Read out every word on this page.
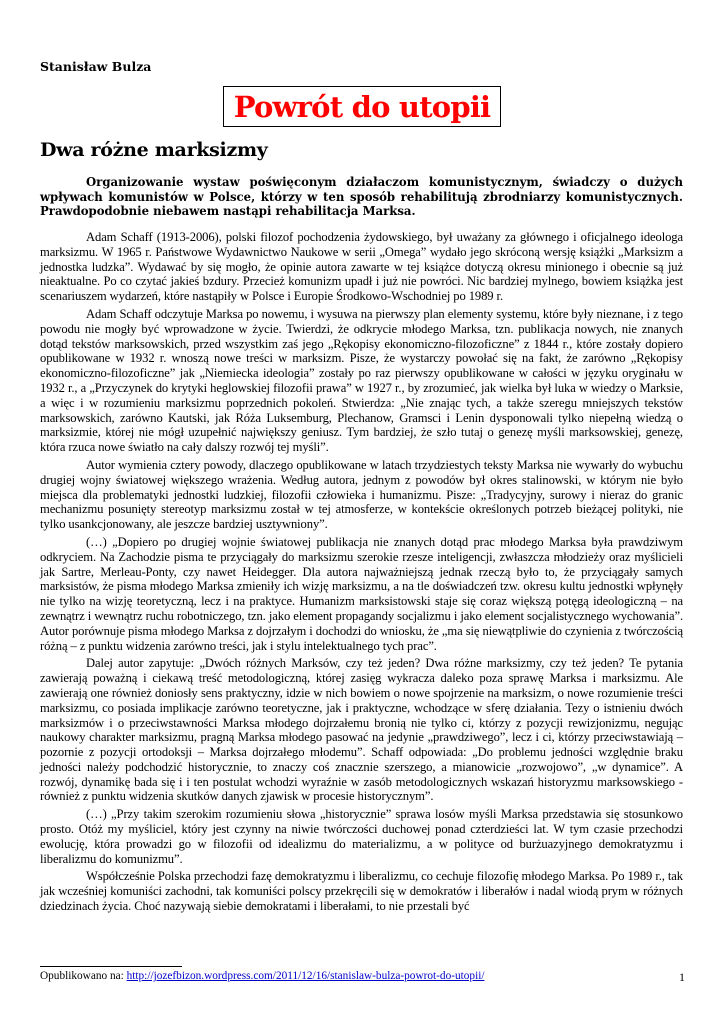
Stanisław Bulza
Powrót do utopii
Dwa różne marksizmy

Organizowanie wystaw poświęconym działaczom komunistycznym, świadczy o dużych wpływach komunistów w Polsce, którzy w ten sposób rehabilitują zbrodniarzy komunistycznych. Prawdopodobnie niebawem nastąpi rehabilitacja Marksa.

Adam Schaff (1913-2006), polski filozof pochodzenia żydowskiego, był uważany za głównego i oficjalnego ideologa marksizmu. W 1965 r. Państwowe Wydawnictwo Naukowe w serii „Omega” wydało jego skróconą wersję książki „Marksizm a jednostka ludzka”. Wydawać by się mogło, że opinie autora zawarte w tej książce dotyczą okresu minionego i obecnie są już nieaktualne. Po co czytać jakieś bzdury. Przecież komunizm upadł i już nie powróci. Nic bardziej mylnego, bowiem książka jest scenariuszem wydarzeń, które nastąpiły w Polsce i Europie Środkowo-Wschodniej po 1989 r.

Adam Schaff odczytuje Marksa po nowemu, i wysuwa na pierwszy plan elementy systemu, które były nieznane, i z tego powodu nie mogły być wprowadzone w życie. Twierdzi, że odkrycie młodego Marksa, tzn. publikacja nowych, nie znanych dotąd tekstów marksowskich, przed wszystkim zaś jego „Rękopisy ekonomiczno-filozoficzne” z 1844 r., które zostały dopiero opublikowane w 1932 r. wnoszą nowe treści w marksizm. Pisze, że wystarczy powołać się na fakt, że zarówno „Rękopisy ekonomiczno-filozoficzne” jak „Niemiecka ideologia” zostały po raz pierwszy opublikowane w całości w języku oryginału w 1932 r., a „Przyczynek do krytyki heglowskiej filozofii prawa” w 1927 r., by zrozumieć, jak wielka był luka w wiedzy o Marksie, a więc i w rozumieniu marksizmu poprzednich pokoleń. Stwierdza: „Nie znając tych, a także szeregu mniejszych tekstów marksowskich, zarówno Kautski, jak Róża Luksemburg, Plechanow, Gramsci i Lenin dysponowali tylko niepełną wiedzą o marksizmie, której nie mógł uzupełnić największy geniusz. Tym bardziej, że szło tutaj o genezę myśli marksowskiej, genezę, która rzuca nowe światło na cały dalszy rozwój tej myśli”.

Autor wymienia cztery powody, dlaczego opublikowane w latach trzydziestych teksty Marksa nie wywarły do wybuchu drugiej wojny światowej większego wrażenia. Według autora, jednym z powodów był okres stalinowski, w którym nie było miejsca dla problematyki jednostki ludzkiej, filozofii człowieka i humanizmu. Pisze: „Tradycyjny, surowy i nieraz do granic mechanizmu posunięty stereotyp marksizmu został w tej atmosferze, w kontekście określonych potrzeb bieżącej polityki, nie tylko usankcjonowany, ale jeszcze bardziej usztywniony”.

(…) „Dopiero po drugiej wojnie światowej publikacja nie znanych dotąd prac młodego Marksa była prawdziwym odkryciem. Na Zachodzie pisma te przyciągały do marksizmu szerokie rzesze inteligencji, zwłaszcza młodzieży oraz myślicieli jak Sartre, Merleau-Ponty, czy nawet Heidegger. Dla autora najważniejszą jednak rzeczą było to, że przyciągały samych marksistów, że pisma młodego Marksa zmieniły ich wizję marksizmu, a na tle doświadczeń tzw. okresu kultu jednostki wpłynęły nie tylko na wizję teoretyczną, lecz i na praktyce. Humanizm marksistowski staje się coraz większą potęgą ideologiczną – na zewnątrz i wewnątrz ruchu robotniczego, tzn. jako element propagandy socjalizmu i jako element socjalistycznego wychowania”. Autor porównuje pisma młodego Marksa z dojrzałym i dochodzi do wniosku, że „ma się niewątpliwie do czynienia z twórczością różną – z punktu widzenia zarówno treści, jak i stylu intelektualnego tych prac”.

Dalej autor zapytuje: „Dwóch różnych Marksów, czy też jeden? Dwa różne marksizmy, czy też jeden? Te pytania zawierają poważną i ciekawą treść metodologiczną, której zasięg wykracza daleko poza sprawę Marksa i marksizmu. Ale zawierają one również doniosły sens praktyczny, idzie w nich bowiem o nowe spojrzenie na marksizm, o nowe rozumienie treści marksizmu, co posiada implikacje zarówno teoretyczne, jak i praktyczne, wchodzące w sferę działania. Tezy o istnieniu dwóch marksizmów i o przeciwstawności Marksa młodego dojrzałemu bronią nie tylko ci, którzy z pozycji rewizjonizmu, negując naukowy charakter marksizmu, pragną Marksa młodego pasować na jedynie „prawdziwego”, lecz i ci, którzy przeciwstawiają – pozornie z pozycji ortodoksji – Marksa dojrzałego młodemu”. Schaff odpowiada: „Do problemu jedności względnie braku jedności należy podchodzić historycznie, to znaczy coś znacznie szerszego, a mianowicie „rozwojowo”, „w dynamice”. A rozwój, dynamikę bada się i i ten postulat wchodzi wyraźnie w zasób metodologicznych wskazań historyzmu marksowskiego - również z punktu widzenia skutków danych zjawisk w procesie historycznym”.

(…) „Przy takim szerokim rozumieniu słowa „historycznie” sprawa losów myśli Marksa przedstawia się stosunkowo prosto. Otóż my myśliciel, który jest czynny na niwie twórczości duchowej ponad czterdzieści lat. W tym czasie przechodzi ewolucję, która prowadzi go w filozofii od idealizmu do materializmu, a w polityce od burżuazyjnego demokratyzmu i liberalizmu do komunizmu”.

Współcześnie Polska przechodzi fazę demokratyzmu i liberalizmu, co cechuje filozofię młodego Marksa. Po 1989 r., tak jak wcześniej komuniści zachodni, tak komuniści polscy przekręcili się w demokratów i liberałów i nadal wiodą prym w różnych dziedzinach życia. Choć nazywają siebie demokratami i liberałami, to nie przestali być

Opublikowano na: http://jozefbizon.wordpress.com/2011/12/16/stanislaw-bulza-powrot-do-utopii/	1
